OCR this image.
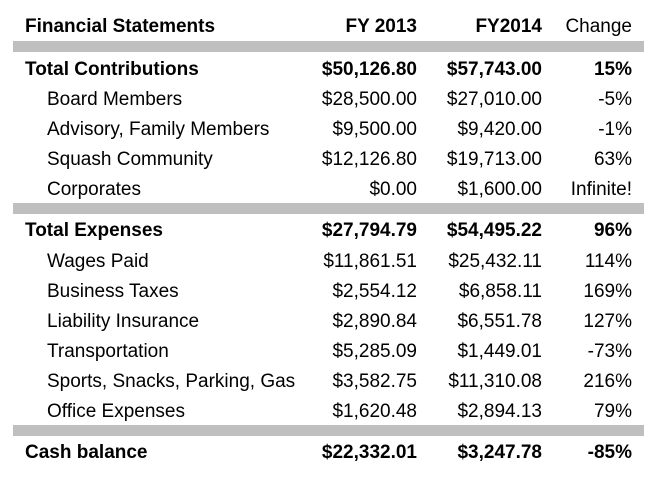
Financial Statements	FY 2013	FY2014 Change
Total Contributions	$50,126.80 $57,743.00	15%
Board Members	$28,500.00 $27,010.00	-5%
Advisory, Family Members	$9,500.00 $9,420.00	-1%
Squash Community	$12,126.80 $19,713.00	63%
Corporates	$0.00 $1,600.00 Infinite!
Total Expenses	$27,794.79 $54,495.22	96%
Wages Paid	$11,861.51 $25,432.11 114%
Business Taxes	$2,554.12 $6,858.11 169%
Liability Insurance	$2,890.84 $6,551.78 127%
Transportation	$5,285.09 $1,449.01 -73%
Sports, Snacks, Parking, Gas $3,582.75 $11,310.08 216%
Office Expenses	$1,620.48 $2,894.13	79%
Cash balance	$22,332.01 $3,247.78 -85%
